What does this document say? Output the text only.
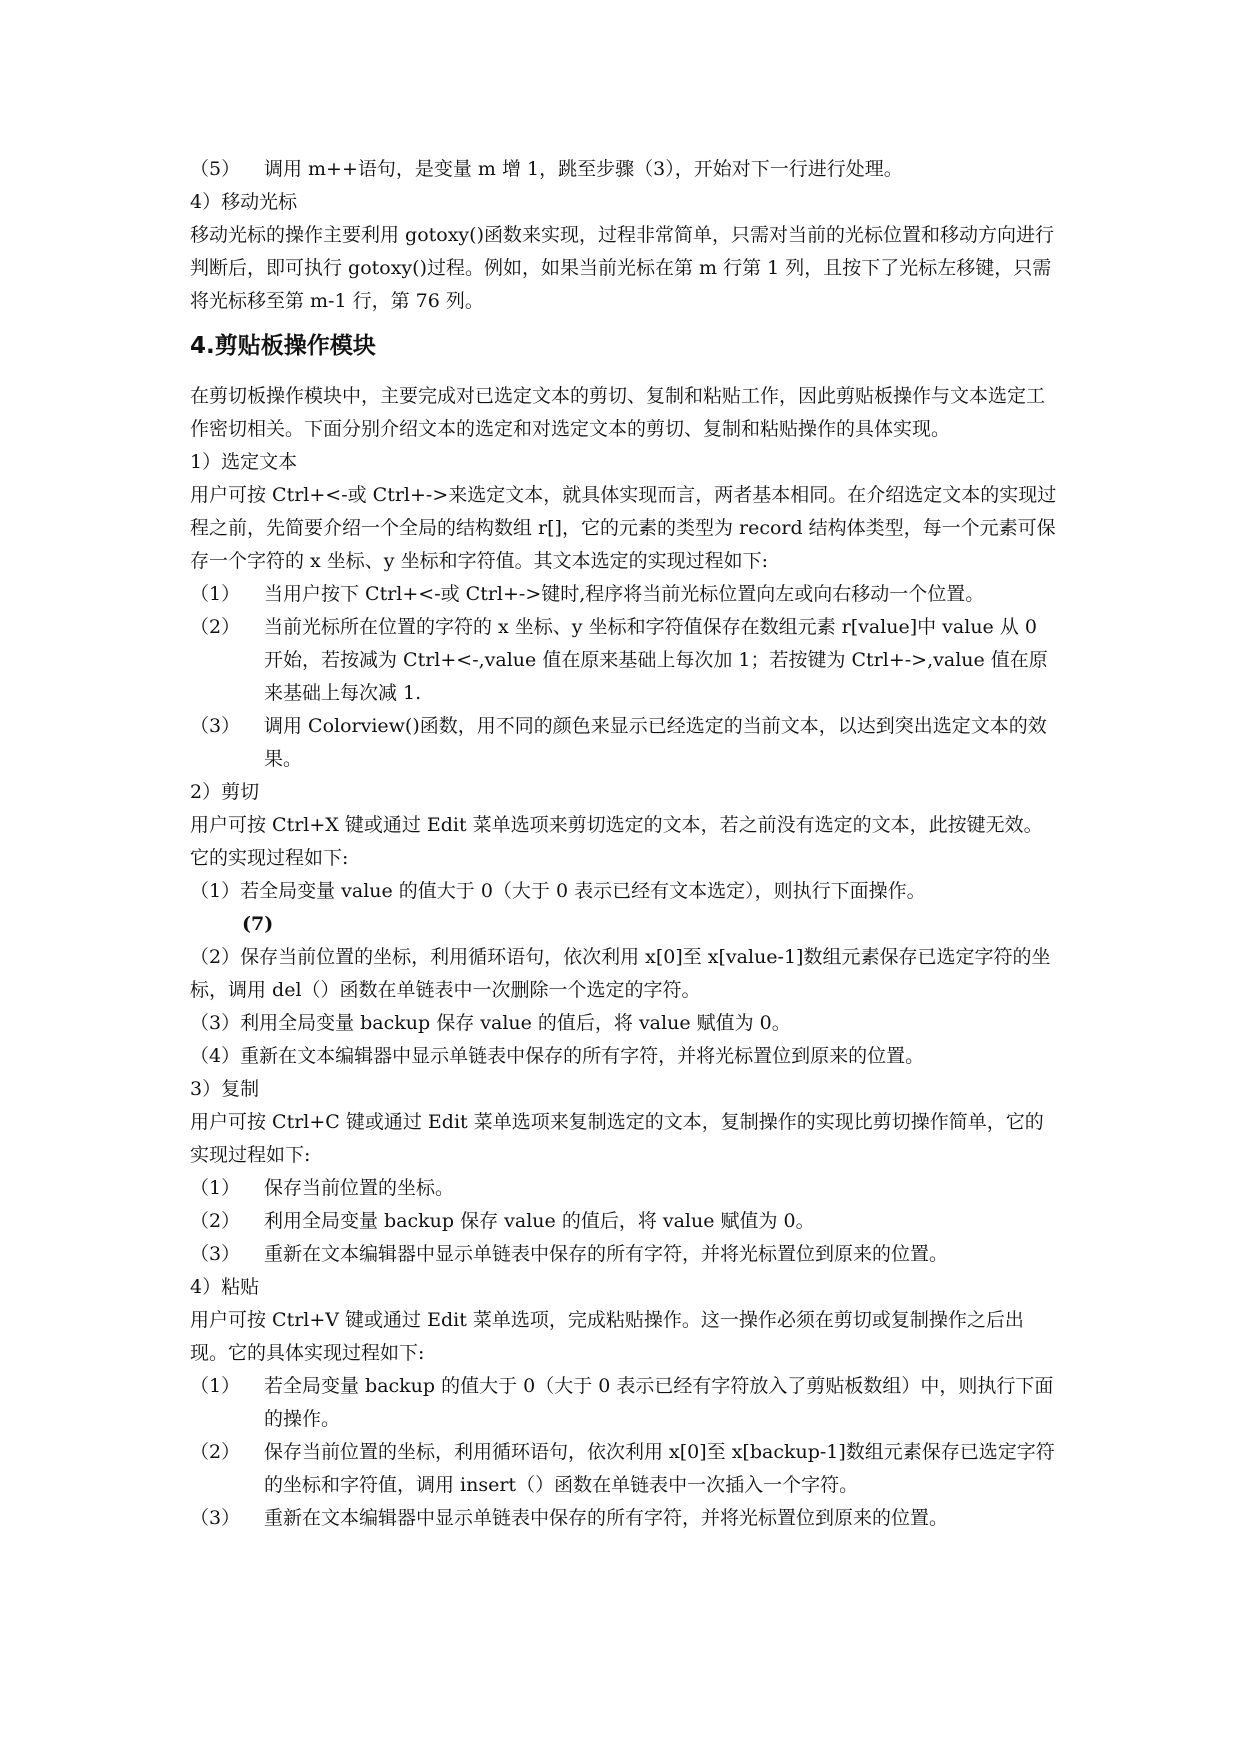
（5）	调用 m++语句，是变量 m 增 1，跳至步骤（3），开始对下一行进行处理。

4）移动光标

移动光标的操作主要利用 gotoxy()函数来实现，过程非常简单，只需对当前的光标位置和移动方向进行判断后，即可执行 gotoxy()过程。例如，如果当前光标在第 m 行第 1 列，且按下了光标左移键，只需将光标移至第 m-1 行，第 76 列。

4.剪贴板操作模块

在剪切板操作模块中，主要完成对已选定文本的剪切、复制和粘贴工作，因此剪贴板操作与文本选定工作密切相关。下面分别介绍文本的选定和对选定文本的剪切、复制和粘贴操作的具体实现。

1）选定文本

用户可按 Ctrl+<-或 Ctrl+->来选定文本，就具体实现而言，两者基本相同。在介绍选定文本的实现过程之前，先简要介绍一个全局的结构数组 r[]，它的元素的类型为 record 结构体类型，每一个元素可保存一个字符的 x 坐标、y 坐标和字符值。其文本选定的实现过程如下:

（1）	当用户按下 Ctrl+<-或 Ctrl+->键时,程序将当前光标位置向左或向右移动一个位置。
（2）	当前光标所在位置的字符的 x 坐标、y 坐标和字符值保存在数组元素 r[value]中 value 从 0 开始，若按减为 Ctrl+<-,value 值在原来基础上每次加 1；若按键为 Ctrl+->,value 值在原来基础上每次减 1.
（3）	调用 Colorview()函数，用不同的颜色来显示已经选定的当前文本，以达到突出选定文本的效果。

2）剪切

用户可按 Ctrl+X 键或通过 Edit 菜单选项来剪切选定的文本，若之前没有选定的文本，此按键无效。它的实现过程如下:

（1）若全局变量 value 的值大于 0（大于 0 表示已经有文本选定），则执行下面操作。

(7)

（2）保存当前位置的坐标，利用循环语句，依次利用 x[0]至 x[value-1]数组元素保存已选定字符的坐标，调用 del（）函数在单链表中一次删除一个选定的字符。

（3）利用全局变量 backup 保存 value 的值后，将 value 赋值为 0。

（4）重新在文本编辑器中显示单链表中保存的所有字符，并将光标置位到原来的位置。

3）复制

用户可按 Ctrl+C 键或通过 Edit 菜单选项来复制选定的文本，复制操作的实现比剪切操作简单，它的实现过程如下:

（1）	保存当前位置的坐标。
（2）	利用全局变量 backup 保存 value 的值后，将 value 赋值为 0。
（3）	重新在文本编辑器中显示单链表中保存的所有字符，并将光标置位到原来的位置。

4）粘贴

用户可按 Ctrl+V 键或通过 Edit 菜单选项，完成粘贴操作。这一操作必须在剪切或复制操作之后出现。它的具体实现过程如下:

（1）	若全局变量 backup 的值大于 0（大于 0 表示已经有字符放入了剪贴板数组）中，则执行下面的操作。
（2）	保存当前位置的坐标，利用循环语句，依次利用 x[0]至 x[backup-1]数组元素保存已选定字符的坐标和字符值，调用 insert（）函数在单链表中一次插入一个字符。
（3）	重新在文本编辑器中显示单链表中保存的所有字符，并将光标置位到原来的位置。
